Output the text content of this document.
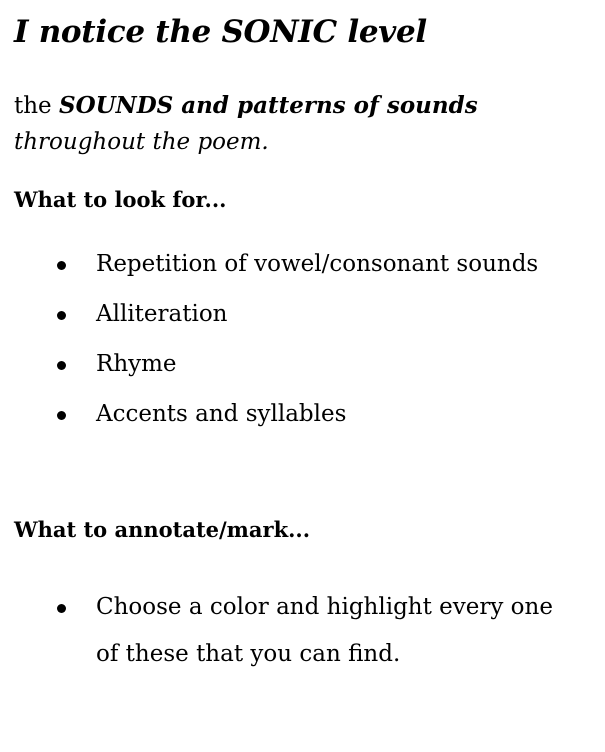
I notice the SONIC level
the SOUNDS and patterns of sounds
throughout the poem.
What to look for...
Repetition of vowel/consonant sounds
Alliteration
Rhyme
Accents and syllables
What to annotate/mark...
Choose a color and highlight every one of these that you can find.
